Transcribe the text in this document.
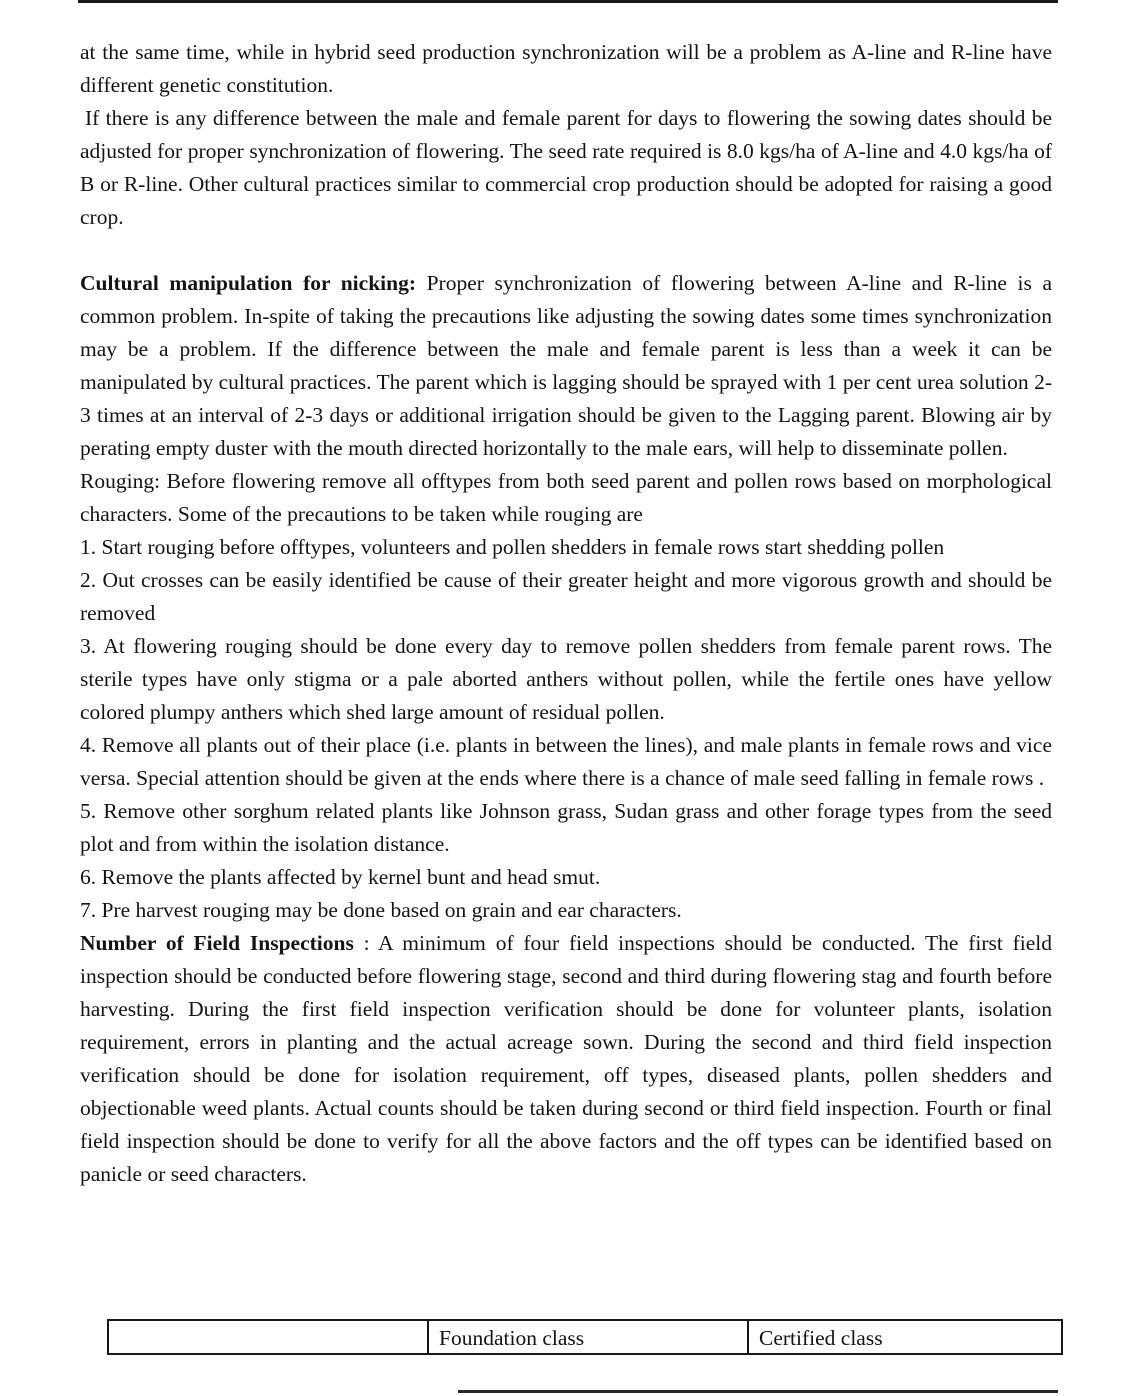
at the same time, while in hybrid seed production synchronization will be a problem as A-line and R-line have different genetic constitution.

If there is any difference between the male and female parent for days to flowering the sowing dates should be adjusted for proper synchronization of flowering. The seed rate required is 8.0 kgs/ha of A-line and 4.0 kgs/ha of B or R-line. Other cultural practices similar to commercial crop production should be adopted for raising a good crop.

Cultural manipulation for nicking: Proper synchronization of flowering between A-line and R-line is a common problem. In-spite of taking the precautions like adjusting the sowing dates some times synchronization may be a problem. If the difference between the male and female parent is less than a week it can be manipulated by cultural practices. The parent which is lagging should be sprayed with 1 per cent urea solution 2-3 times at an interval of 2-3 days or additional irrigation should be given to the Lagging parent. Blowing air by perating empty duster with the mouth directed horizontally to the male ears, will help to disseminate pollen.

Rouging: Before flowering remove all offtypes from both seed parent and pollen rows based on morphological characters. Some of the precautions to be taken while rouging are

1. Start rouging before offtypes, volunteers and pollen shedders in female rows start shedding pollen

2. Out crosses can be easily identified be cause of their greater height and more vigorous growth and should be removed

3. At flowering rouging should be done every day to remove pollen shedders from female parent rows. The sterile types have only stigma or a pale aborted anthers without pollen, while the fertile ones have yellow colored plumpy anthers which shed large amount of residual pollen.

4. Remove all plants out of their place (i.e. plants in between the lines), and male plants in female rows and vice versa. Special attention should be given at the ends where there is a chance of male seed falling in female rows .

5. Remove other sorghum related plants like Johnson grass, Sudan grass and other forage types from the seed plot and from within the isolation distance.

6. Remove the plants affected by kernel bunt and head smut.

7. Pre harvest rouging may be done based on grain and ear characters.

Number of Field Inspections : A minimum of four field inspections should be conducted. The first field inspection should be conducted before flowering stage, second and third during flowering stag and fourth before harvesting. During the first field inspection verification should be done for volunteer plants, isolation requirement, errors in planting and the actual acreage sown. During the second and third field inspection verification should be done for isolation requirement, off types, diseased plants, pollen shedders and objectionable weed plants. Actual counts should be taken during second or third field inspection. Fourth or final field inspection should be done to verify for all the above factors and the off types can be identified based on panicle or seed characters.

Foundation class	Certified class
